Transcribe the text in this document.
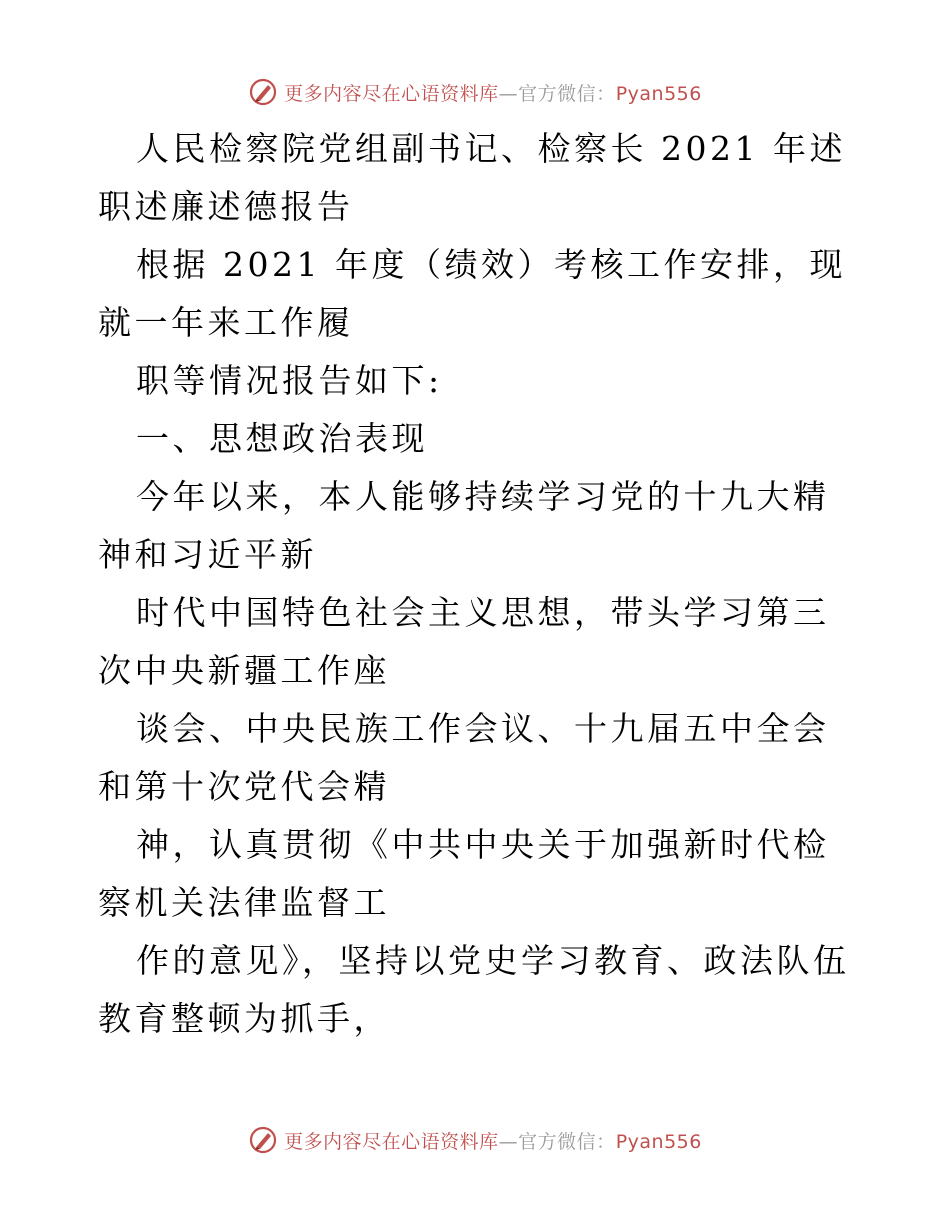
更多内容尽在心语资料库—官方微信：Pyan556

人民检察院党组副书记、检察长 2021 年述职述廉述德报告

根据 2021 年度（绩效）考核工作安排，现就一年来工作履

职等情况报告如下:

一、思想政治表现

今年以来，本人能够持续学习党的十九大精神和习近平新

时代中国特色社会主义思想，带头学习第三次中央新疆工作座

谈会、中央民族工作会议、十九届五中全会和第十次党代会精

神，认真贯彻《中共中央关于加强新时代检察机关法律监督工

作的意见》，坚持以党史学习教育、政法队伍教育整顿为抓手，

更多内容尽在心语资料库—官方微信：Pyan556
